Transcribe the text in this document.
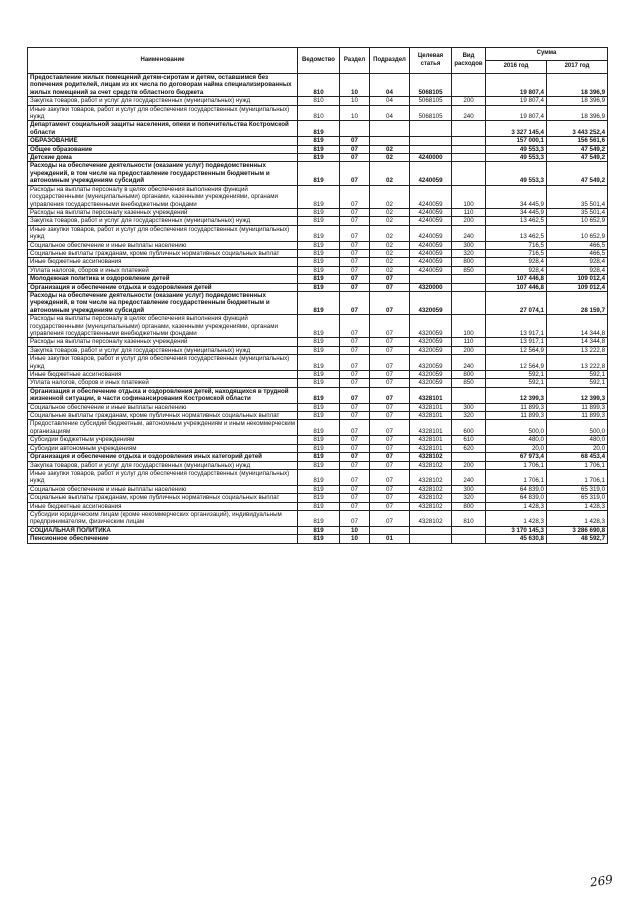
Наименование	Ведомство	Раздел	Подраздел	Целевая статья	Вид расходов	Сумма	
						2016 год	2017 год
Предоставление жилых помещений детям-сиротам и детям, оставшимся без попечения родителей, лицам из их числа по договорам найма специализированных жилых помещений за счет средств областного бюджета	810	10	04	5068105		19 807,4	18 396,9
Закупка товаров, работ и услуг для государственных (муниципальных) нужд	810	10	04	5068105	200	19 807,4	18 396,9
Иные закупки товаров, работ и услуг для обеспечения государственных (муниципальных) нужд	810	10	04	5068105	240	19 807,4	18 396,9
Департамент социальной защиты населения, опеки и попечительства Костромской области	819					3 327 145,4	3 443 252,4
ОБРАЗОВАНИЕ	819	07				157 000,1	156 561,6
Общее образование	819	07	02			49 553,3	47 549,2
Детские дома	819	07	02	4240000		49 553,3	47 549,2
Расходы на обеспечение деятельности (оказание услуг) подведомственных учреждений, в том числе на предоставление государственным бюджетным и автономным учреждениям субсидий	819	07	02	4240059		49 553,3	47 549,2
Расходы на выплаты персоналу в целях обеспечения выполнения функций государственными (муниципальными) органами, казенными учреждениями, органами управления государственными внебюджетными фондами	819	07	02	4240059	100	34 445,9	35 501,4
Расходы на выплаты персоналу казенных учреждений	819	07	02	4240059	110	34 445,9	35 501,4
Закупка товаров, работ и услуг для государственных (муниципальных) нужд	819	07	02	4240059	200	13 462,5	10 652,9
Иные закупки товаров, работ и услуг для обеспечения государственных (муниципальных) нужд	819	07	02	4240059	240	13 462,5	10 652,9
Социальное обеспечение и иные выплаты населению	819	07	02	4240059	300	716,5	466,5
Социальные выплаты гражданам, кроме публичных нормативных социальных выплат	819	07	02	4240059	320	716,5	466,5
Иные бюджетные ассигнования	819	07	02	4240059	800	928,4	928,4
Уплата налогов, сборов и иных платежей	819	07	02	4240059	850	928,4	928,4
Молодежная политика и оздоровление детей	819	07	07			107 446,8	109 012,4
Организация и обеспечение отдыха и оздоровления детей	819	07	07	4320000		107 446,8	109 012,4
Расходы на обеспечение деятельности (оказание услуг) подведомственных учреждений, в том числе на предоставление государственным бюджетным и автономным учреждениям субсидий	819	07	07	4320059		27 074,1	28 159,7
Расходы на выплаты персоналу в целях обеспечения выполнения функций государственными (муниципальными) органами, казенными учреждениями, органами управления государственными внебюджетными фондами	819	07	07	4320059	100	13 917,1	14 344,8
Расходы на выплаты персоналу казенных учреждений	819	07	07	4320059	110	13 917,1	14 344,8
Закупка товаров, работ и услуг для государственных (муниципальных) нужд	819	07	07	4320059	200	12 564,9	13 222,8
Иные закупки товаров, работ и услуг для обеспечения государственных (муниципальных) нужд	819	07	07	4320059	240	12 564,9	13 222,8
Иные бюджетные ассигнования	819	07	07	4320059	800	592,1	592,1
Уплата налогов, сборов и иных платежей	819	07	07	4320059	850	592,1	592,1
Организация и обеспечение отдыха и оздоровления детей, находящихся в трудной жизненной ситуации, в части софинансирования Костромской области	819	07	07	4328101		12 399,3	12 399,3
Социальное обеспечение и иные выплаты населению	819	07	07	4328101	300	11 899,3	11 899,3
Социальные выплаты гражданам, кроме публичных нормативных социальных выплат	819	07	07	4328101	320	11 899,3	11 899,3
Предоставление субсидий бюджетным, автономным учреждениям и иным некоммерческим организациям	819	07	07	4328101	600	500,0	500,0
Субсидии бюджетным учреждениям	819	07	07	4328101	610	480,0	480,0
Субсидии автономным учреждениям	819	07	07	4328101	620	20,0	20,0
Организация и обеспечение отдыха и оздоровления иных категорий детей	819	07	07	4328102		67 973,4	68 453,4
Закупка товаров, работ и услуг для государственных (муниципальных) нужд	819	07	07	4328102	200	1 706,1	1 706,1
Иные закупки товаров, работ и услуг для обеспечения государственных (муниципальных) нужд	819	07	07	4328102	240	1 706,1	1 706,1
Социальное обеспечение и иные выплаты населению	819	07	07	4328102	300	64 839,0	65 319,0
Социальные выплаты гражданам, кроме публичных нормативных социальных выплат	819	07	07	4328102	320	64 839,0	65 319,0
Иные бюджетные ассигнования	819	07	07	4328102	800	1 428,3	1 428,3
Субсидии юридическим лицам (кроме некоммерческих организаций), индивидуальным предпринимателям, физическим лицам	819	07	07	4328102	810	1 428,3	1 428,3
СОЦИАЛЬНАЯ ПОЛИТИКА	819	10				3 170 145,3	3 286 690,8
Пенсионное обеспечение	819	10	01			45 630,8	48 592,7
269
